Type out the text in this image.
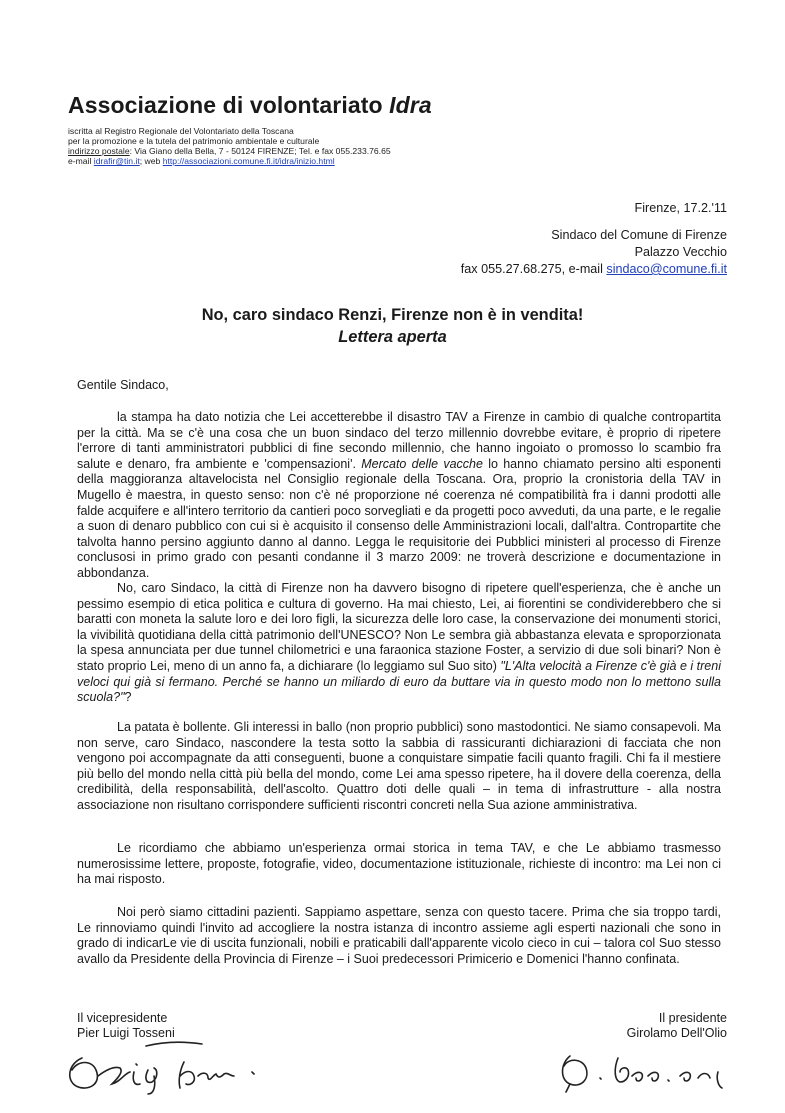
Associazione di volontariato Idra
iscritta al Registro Regionale del Volontariato della Toscana
per la promozione e la tutela del patrimonio ambientale e culturale
indirizzo postale: Via Giano della Bella, 7 - 50124 FIRENZE; Tel. e fax 055.233.76.65
e-mail idrafir@tin.it; web http://associazioni.comune.fi.it/idra/inizio.html
Firenze, 17.2.'11
Sindaco del Comune di Firenze
Palazzo Vecchio
fax 055.27.68.275, e-mail sindaco@comune.fi.it
No, caro sindaco Renzi, Firenze non è in vendita!
Lettera aperta
Gentile Sindaco,
la stampa ha dato notizia che Lei accetterebbe il disastro TAV a Firenze in cambio di qualche contropartita per la città. Ma se c'è una cosa che un buon sindaco del terzo millennio dovrebbe evitare, è proprio di ripetere l'errore di tanti amministratori pubblici di fine secondo millennio, che hanno ingoiato o promosso lo scambio fra salute e denaro, fra ambiente e 'compensazioni'. Mercato delle vacche lo hanno chiamato persino alti esponenti della maggioranza altavelocista nel Consiglio regionale della Toscana. Ora, proprio la cronistoria della TAV in Mugello è maestra, in questo senso: non c'è né proporzione né coerenza né compatibilità fra i danni prodotti alle falde acquifere e all'intero territorio da cantieri poco sorvegliati e da progetti poco avveduti, da una parte, e le regalie a suon di denaro pubblico con cui si è acquisito il consenso delle Amministrazioni locali, dall'altra. Contropartite che talvolta hanno persino aggiunto danno al danno. Legga le requisitorie dei Pubblici ministeri al processo di Firenze conclusosi in primo grado con pesanti condanne il 3 marzo 2009: ne troverà descrizione e documentazione in abbondanza.
No, caro Sindaco, la città di Firenze non ha davvero bisogno di ripetere quell'esperienza, che è anche un pessimo esempio di etica politica e cultura di governo. Ha mai chiesto, Lei, ai fiorentini se condividerebbero che si baratti con moneta la salute loro e dei loro figli, la sicurezza delle loro case, la conservazione dei monumenti storici, la vivibilità quotidiana della città patrimonio dell'UNESCO? Non Le sembra già abbastanza elevata e sproporzionata la spesa annunciata per due tunnel chilometrici e una faraonica stazione Foster, a servizio di due soli binari? Non è stato proprio Lei, meno di un anno fa, a dichiarare (lo leggiamo sul Suo sito) "L'Alta velocità a Firenze c'è già e i treni veloci qui già si fermano. Perché se hanno un miliardo di euro da buttare via in questo modo non lo mettono sulla scuola?"?
La patata è bollente. Gli interessi in ballo (non proprio pubblici) sono mastodontici. Ne siamo consapevoli. Ma non serve, caro Sindaco, nascondere la testa sotto la sabbia di rassicuranti dichiarazioni di facciata che non vengono poi accompagnate da atti conseguenti, buone a conquistare simpatie facili quanto fragili. Chi fa il mestiere più bello del mondo nella città più bella del mondo, come Lei ama spesso ripetere, ha il dovere della coerenza, della credibilità, della responsabilità, dell'ascolto. Quattro doti delle quali – in tema di infrastrutture - alla nostra associazione non risultano corrispondere sufficienti riscontri concreti nella Sua azione amministrativa.
Le ricordiamo che abbiamo un'esperienza ormai storica in tema TAV, e che Le abbiamo trasmesso numerosissime lettere, proposte, fotografie, video, documentazione istituzionale, richieste di incontro: ma Lei non ci ha mai risposto.
Noi però siamo cittadini pazienti. Sappiamo aspettare, senza con questo tacere. Prima che sia troppo tardi, Le rinnoviamo quindi l'invito ad accogliere la nostra istanza di incontro assieme agli esperti nazionali che sono in grado di indicarLe vie di uscita funzionali, nobili e praticabili dall'apparente vicolo cieco in cui – talora col Suo stesso avallo da Presidente della Provincia di Firenze – i Suoi predecessori Primicerio e Domenici l'hanno confinata.
Il vicepresidente
Pier Luigi Tosseni
Il presidente
Girolamo Dell'Olio
